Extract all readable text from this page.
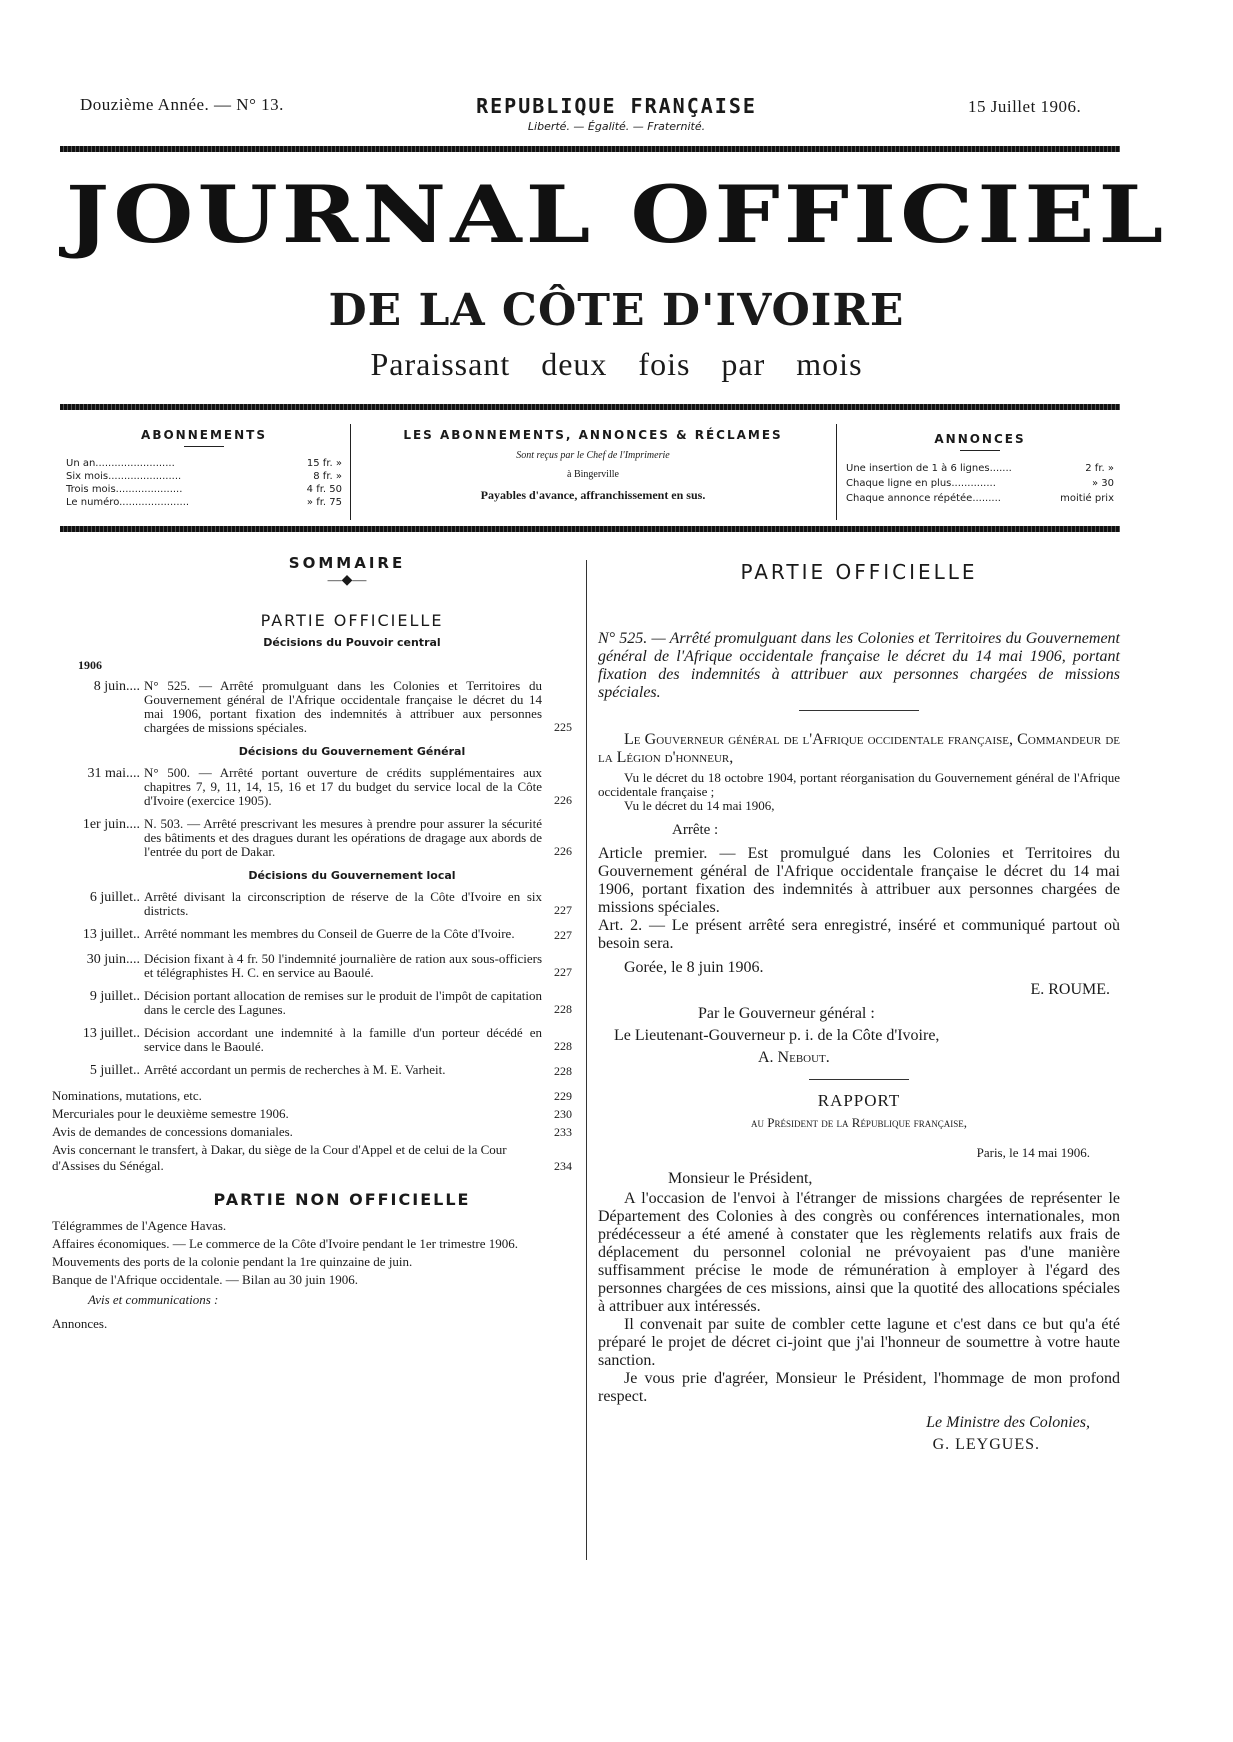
Douzième Année. — N° 13.	REPUBLIQUE FRANÇAISE
Liberté. — Égalité. — Fraternité.
15 Juillet 1906.
JOURNAL OFFICIEL
DE LA CÔTE D'IVOIRE
Paraissant deux fois par mois
ABONNEMENTS
Un an.........................	15 fr. »
Six mois.......................	8 fr. »
Trois mois.....................	4 fr. 50
Le numéro......................	» fr. 75
LES ABONNEMENTS, ANNONCES & RÉCLAMES
Sont reçus par le Chef de l'Imprimerie
à Bingerville
Payables d'avance, affranchissement en sus.
ANNONCES
Une insertion de 1 à 6 lignes.......	2 fr. »
Chaque ligne en plus..............	» 30
Chaque annonce répétée.........	moitié prix
SOMMAIRE
—◆—
PARTIE OFFICIELLE
Décisions du Pouvoir central
1906
8 juin.... N° 525. — Arrêté promulguant dans les Colonies et Territoires du Gouvernement général de l'Afrique occidentale française le décret du 14 mai 1906, portant fixation des indemnités à attribuer aux personnes chargées de missions spéciales.	225
Décisions du Gouvernement Général
31 mai.... N° 500. — Arrêté portant ouverture de crédits supplémentaires aux chapitres 7, 9, 11, 14, 15, 16 et 17 du budget du service local de la Côte d'Ivoire (exercice 1905).	226
1er juin.... N. 503. — Arrêté prescrivant les mesures à prendre pour assurer la sécurité des bâtiments et des dragues durant les opérations de dragage aux abords de l'entrée du port de Dakar.	226
Décisions du Gouvernement local
6 juillet.. Arrêté divisant la circonscription de réserve de la Côte d'Ivoire en six districts.	227
13 juillet.. Arrêté nommant les membres du Conseil de Guerre de la Côte d'Ivoire.	227
30 juin.... Décision fixant à 4 fr. 50 l'indemnité journalière de ration aux sous-officiers et télégraphistes H. C. en service au Baoulé.	227
9 juillet.. Décision portant allocation de remises sur le produit de l'impôt de capitation dans le cercle des Lagunes.	228
13 juillet.. Décision accordant une indemnité à la famille d'un porteur décédé en service dans le Baoulé.	228
5 juillet.. Arrêté accordant un permis de recherches à M. E. Varheit.	228
Nominations, mutations, etc.	229
Mercuriales pour le deuxième semestre 1906.	230
Avis de demandes de concessions domaniales.	233
Avis concernant le transfert, à Dakar, du siège de la Cour d'Appel et de celui de la Cour d'Assises du Sénégal.	234
PARTIE NON OFFICIELLE
Télégrammes de l'Agence Havas.
Affaires économiques. — Le commerce de la Côte d'Ivoire pendant le 1er trimestre 1906.
Mouvements des ports de la colonie pendant la 1re quinzaine de juin.
Banque de l'Afrique occidentale. — Bilan au 30 juin 1906.
Avis et communications :
Annonces.
PARTIE OFFICIELLE

N° 525. — Arrêté promulguant dans les Colonies et Territoires du Gouvernement général de l'Afrique occidentale française le décret du 14 mai 1906, portant fixation des indemnités à attribuer aux personnes chargées de missions spéciales.

Le Gouverneur général de l'Afrique occidentale française, Commandeur de la Légion d'honneur,

Vu le décret du 18 octobre 1904, portant réorganisation du Gouvernement général de l'Afrique occidentale française ;

Vu le décret du 14 mai 1906,

Arrête :

Article premier. — Est promulgué dans les Colonies et Territoires du Gouvernement général de l'Afrique occidentale française le décret du 14 mai 1906, portant fixation des indemnités à attribuer aux personnes chargées de missions spéciales.

Art. 2. — Le présent arrêté sera enregistré, inséré et communiqué partout où besoin sera.

Gorée, le 8 juin 1906.

E. ROUME.

Par le Gouverneur général :

Le Lieutenant-Gouverneur p. i. de la Côte d'Ivoire,

A. Nebout.

RAPPORT

au Président de la République française,

Paris, le 14 mai 1906.

Monsieur le Président,

A l'occasion de l'envoi à l'étranger de missions chargées de représenter le Département des Colonies à des congrès ou conférences internationales, mon prédécesseur a été amené à constater que les règlements relatifs aux frais de déplacement du personnel colonial ne prévoyaient pas d'une manière suffisamment précise le mode de rémunération à employer à l'égard des personnes chargées de ces missions, ainsi que la quotité des allocations spéciales à attribuer aux intéressés.

Il convenait par suite de combler cette lagune et c'est dans ce but qu'a été préparé le projet de décret ci-joint que j'ai l'honneur de soumettre à votre haute sanction.

Je vous prie d'agréer, Monsieur le Président, l'hommage de mon profond respect.

Le Ministre des Colonies,

G. LEYGUES.
